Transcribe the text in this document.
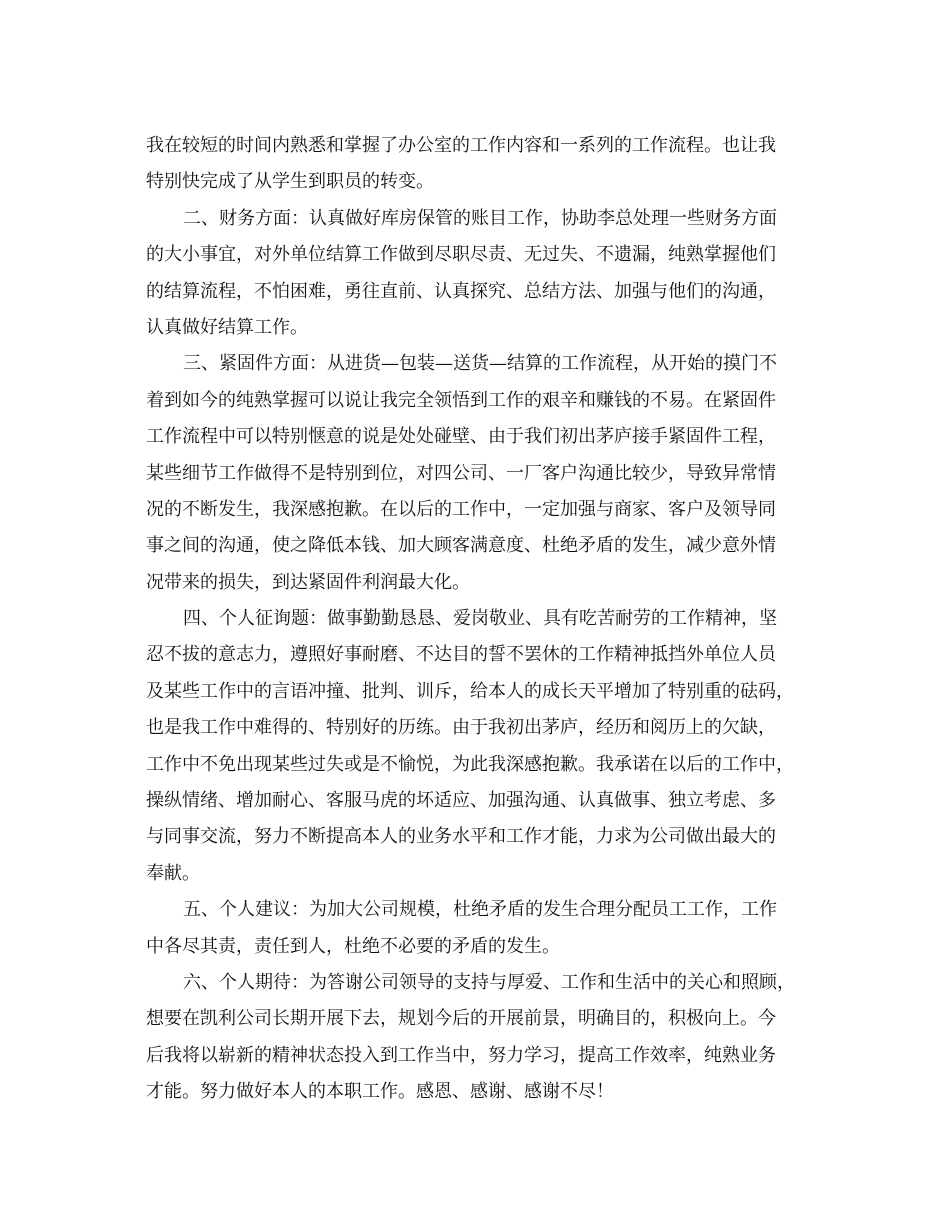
我在较短的时间内熟悉和掌握了办公室的工作内容和一系列的工作流程。也让我
特别快完成了从学生到职员的转变。
二、财务方面：认真做好库房保管的账目工作，协助李总处理一些财务方面
的大小事宜，对外单位结算工作做到尽职尽责、无过失、不遗漏，纯熟掌握他们
的结算流程，不怕困难，勇往直前、认真探究、总结方法、加强与他们的沟通，
认真做好结算工作。
三、紧固件方面：从进货—包装—送货—结算的工作流程，从开始的摸门不
着到如今的纯熟掌握可以说让我完全领悟到工作的艰辛和赚钱的不易。在紧固件
工作流程中可以特别惬意的说是处处碰壁、由于我们初出茅庐接手紧固件工程，
某些细节工作做得不是特别到位，对四公司、一厂客户沟通比较少，导致异常情
况的不断发生，我深感抱歉。在以后的工作中，一定加强与商家、客户及领导同
事之间的沟通，使之降低本钱、加大顾客满意度、杜绝矛盾的发生，减少意外情
况带来的损失，到达紧固件利润最大化。
四、个人征询题：做事勤勤恳恳、爱岗敬业、具有吃苦耐劳的工作精神，坚
忍不拔的意志力，遵照好事耐磨、不达目的誓不罢休的工作精神抵挡外单位人员
及某些工作中的言语冲撞、批判、训斥，给本人的成长天平增加了特别重的砝码，
也是我工作中难得的、特别好的历练。由于我初出茅庐，经历和阅历上的欠缺，
工作中不免出现某些过失或是不愉悦，为此我深感抱歉。我承诺在以后的工作中，
操纵情绪、增加耐心、客服马虎的坏适应、加强沟通、认真做事、独立考虑、多
与同事交流，努力不断提高本人的业务水平和工作才能，力求为公司做出最大的
奉献。
五、个人建议：为加大公司规模，杜绝矛盾的发生合理分配员工工作，工作
中各尽其责，责任到人，杜绝不必要的矛盾的发生。
六、个人期待：为答谢公司领导的支持与厚爱、工作和生活中的关心和照顾，
想要在凯利公司长期开展下去，规划今后的开展前景，明确目的，积极向上。今
后我将以崭新的精神状态投入到工作当中，努力学习，提高工作效率，纯熟业务
才能。努力做好本人的本职工作。感恩、感谢、感谢不尽！
